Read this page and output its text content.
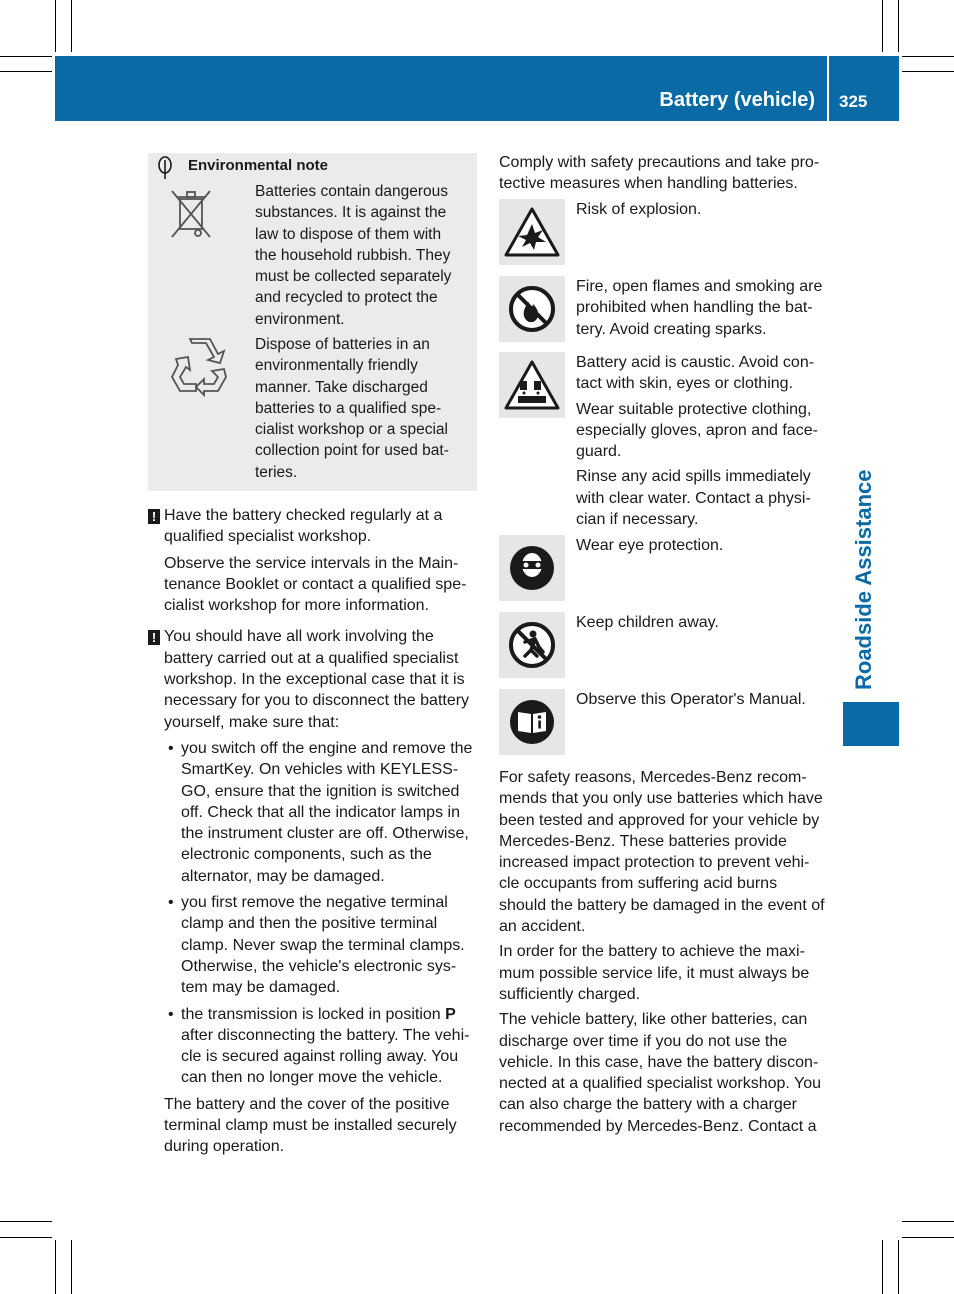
Battery (vehicle) 325
Roadside Assistance
Environmental note
Batteries contain dangerous
substances. It is against the
law to dispose of them with
the household rubbish. They
must be collected separately
and recycled to protect the
environment.
Dispose of batteries in an
environmentally friendly
manner. Take discharged
batteries to a qualified spe-
cialist workshop or a special
collection point for used bat-
teries.
! Have the battery checked regularly at a
qualified specialist workshop.
Observe the service intervals in the Main-
tenance Booklet or contact a qualified spe-
cialist workshop for more information.
! You should have all work involving the
battery carried out at a qualified specialist
workshop. In the exceptional case that it is
necessary for you to disconnect the battery
yourself, make sure that:
• you switch off the engine and remove the
SmartKey. On vehicles with KEYLESS-
GO, ensure that the ignition is switched
off. Check that all the indicator lamps in
the instrument cluster are off. Otherwise,
electronic components, such as the
alternator, may be damaged.
• you first remove the negative terminal
clamp and then the positive terminal
clamp. Never swap the terminal clamps.
Otherwise, the vehicle's electronic sys-
tem may be damaged.
• the transmission is locked in position P
after disconnecting the battery. The vehi-
cle is secured against rolling away. You
can then no longer move the vehicle.
The battery and the cover of the positive
terminal clamp must be installed securely
during operation.
Comply with safety precautions and take pro-
tective measures when handling batteries.
Risk of explosion.
Fire, open flames and smoking are
prohibited when handling the bat-
tery. Avoid creating sparks.
Battery acid is caustic. Avoid con-
tact with skin, eyes or clothing.
Wear suitable protective clothing,
especially gloves, apron and face-
guard.
Rinse any acid spills immediately
with clear water. Contact a physi-
cian if necessary.
Wear eye protection.
Keep children away.
Observe this Operator's Manual.
For safety reasons, Mercedes-Benz recom-
mends that you only use batteries which have
been tested and approved for your vehicle by
Mercedes-Benz. These batteries provide
increased impact protection to prevent vehi-
cle occupants from suffering acid burns
should the battery be damaged in the event of
an accident.
In order for the battery to achieve the maxi-
mum possible service life, it must always be
sufficiently charged.
The vehicle battery, like other batteries, can
discharge over time if you do not use the
vehicle. In this case, have the battery discon-
nected at a qualified specialist workshop. You
can also charge the battery with a charger
recommended by Mercedes-Benz. Contact a
